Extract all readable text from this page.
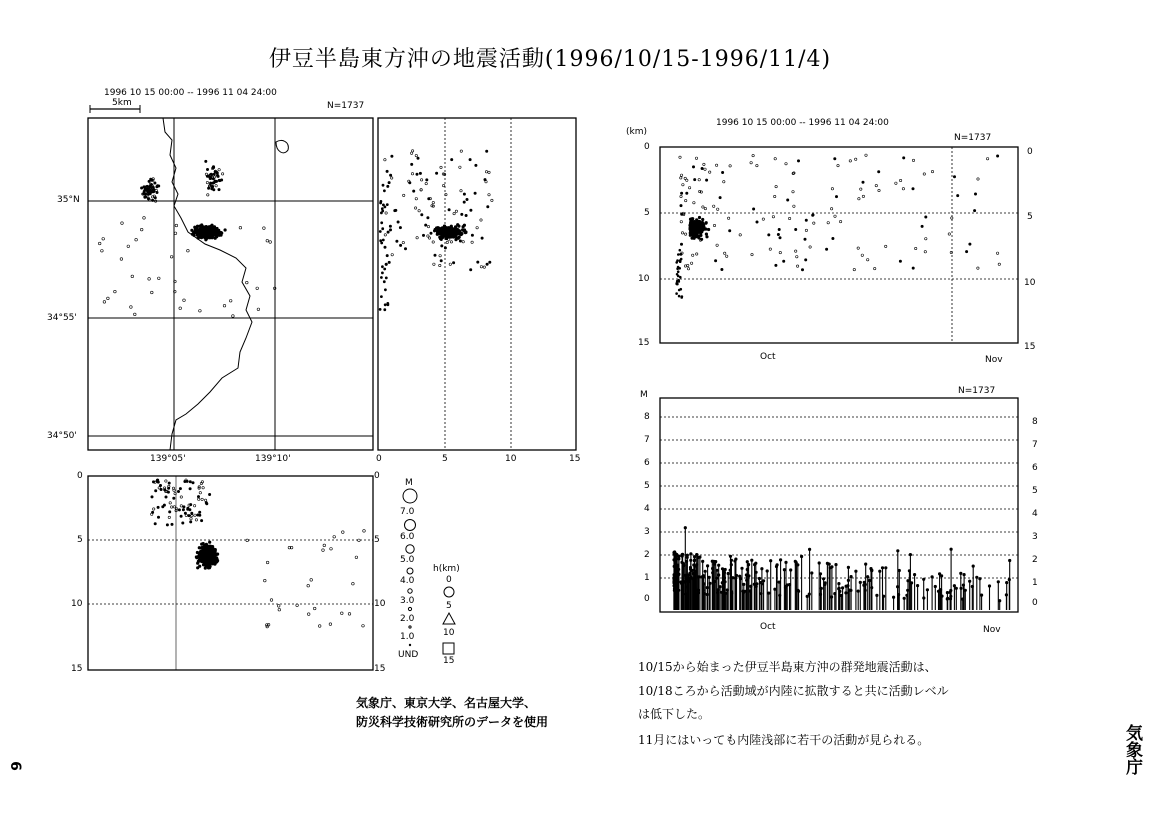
伊豆半島東方沖の地震活動(1996/10/15-1996/11/4)
1996 10 15 00:00 -- 1996 11 04 24:00
5km	N=1737
35°N
34°55'
34°50'
139°05'	139°10'	0	5	10	15
0
5
10
15
0
5
10
15
M
7.0
6.0
5.0
4.0
3.0
2.0
1.0
UND
h(km)
0
5
10
15
1996 10 15 00:00 -- 1996 11 04 24:00
N=1737
(km)
0
5
10
15
0
5
10
15
Oct	Nov
N=1737
M
8
7
6
5
4
3
2
1
0
8
7
6
5
4
3
2
1
0
Oct	Nov
気象庁、東京大学、名古屋大学、
防災科学技術研究所のデータを使用
10/15から始まった伊豆半島東方沖の群発地震活動は、
10/18ころから活動域が内陸に拡散すると共に活動レベル
は低下した。
11月にはいっても内陸浅部に若干の活動が見られる。	気象庁
6
